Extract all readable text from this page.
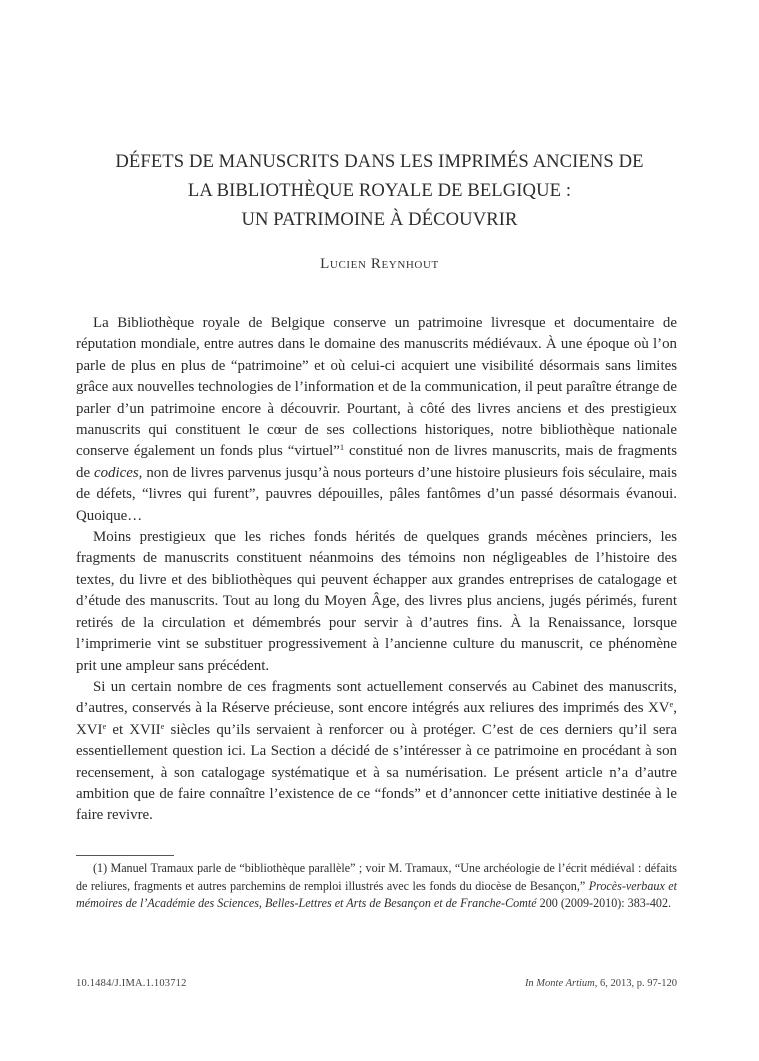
DÉFETS DE MANUSCRITS DANS LES IMPRIMÉS ANCIENS DE
LA BIBLIOTHÈQUE ROYALE DE BELGIQUE :
UN PATRIMOINE À DÉCOUVRIR
Lucien Reynhout

La Bibliothèque royale de Belgique conserve un patrimoine livresque et documentaire de réputation mondiale, entre autres dans le domaine des manuscrits médiévaux. À une époque où l’on parle de plus en plus de “patrimoine” et où celui-ci acquiert une visibilité désormais sans limites grâce aux nouvelles technologies de l’information et de la communication, il peut paraître étrange de parler d’un patrimoine encore à découvrir. Pourtant, à côté des livres anciens et des prestigieux manuscrits qui constituent le cœur de ses collections historiques, notre bibliothèque nationale conserve également un fonds plus “virtuel”$^1$ constitué non de livres manuscrits, mais de fragments de codices, non de livres parvenus jusqu’à nous porteurs d’une histoire plusieurs fois séculaire, mais de défets, “livres qui furent”, pauvres dépouilles, pâles fantômes d’un passé désormais évanoui. Quoique…

Moins prestigieux que les riches fonds hérités de quelques grands mécènes princiers, les fragments de manuscrits constituent néanmoins des témoins non négligeables de l’histoire des textes, du livre et des bibliothèques qui peuvent échapper aux grandes entreprises de catalogage et d’étude des manuscrits. Tout au long du Moyen Âge, des livres plus anciens, jugés périmés, furent retirés de la circulation et démembrés pour servir à d’autres fins. À la Renaissance, lorsque l’imprimerie vint se substituer progressivement à l’ancienne culture du manuscrit, ce phénomène prit une ampleur sans précédent.

Si un certain nombre de ces fragments sont actuellement conservés au Cabinet des manuscrits, d’autres, conservés à la Réserve précieuse, sont encore intégrés aux reliures des imprimés des XVe, XVIe et XVIIe siècles qu’ils servaient à renforcer ou à protéger. C’est de ces derniers qu’il sera essentiellement question ici. La Section a décidé de s’intéresser à ce patrimoine en procédant à son recensement, à son catalogage systématique et à sa numérisation. Le présent article n’a d’autre ambition que de faire connaître l’existence de ce “fonds” et d’annoncer cette initiative destinée à le faire revivre.

(1) Manuel Tramaux parle de “bibliothèque parallèle” ; voir M. Tramaux, “Une archéologie de l’écrit médiéval : défaits de reliures, fragments et autres parchemins de remploi illustrés avec les fonds du diocèse de Besançon,” Procès-verbaux et mémoires de l’Académie des Sciences, Belles-Lettres et Arts de Besançon et de Franche-Comté 200 (2009-2010): 383-402.

10.1484/J.IMA.1.103712	In Monte Artium, 6, 2013, p. 97-120
